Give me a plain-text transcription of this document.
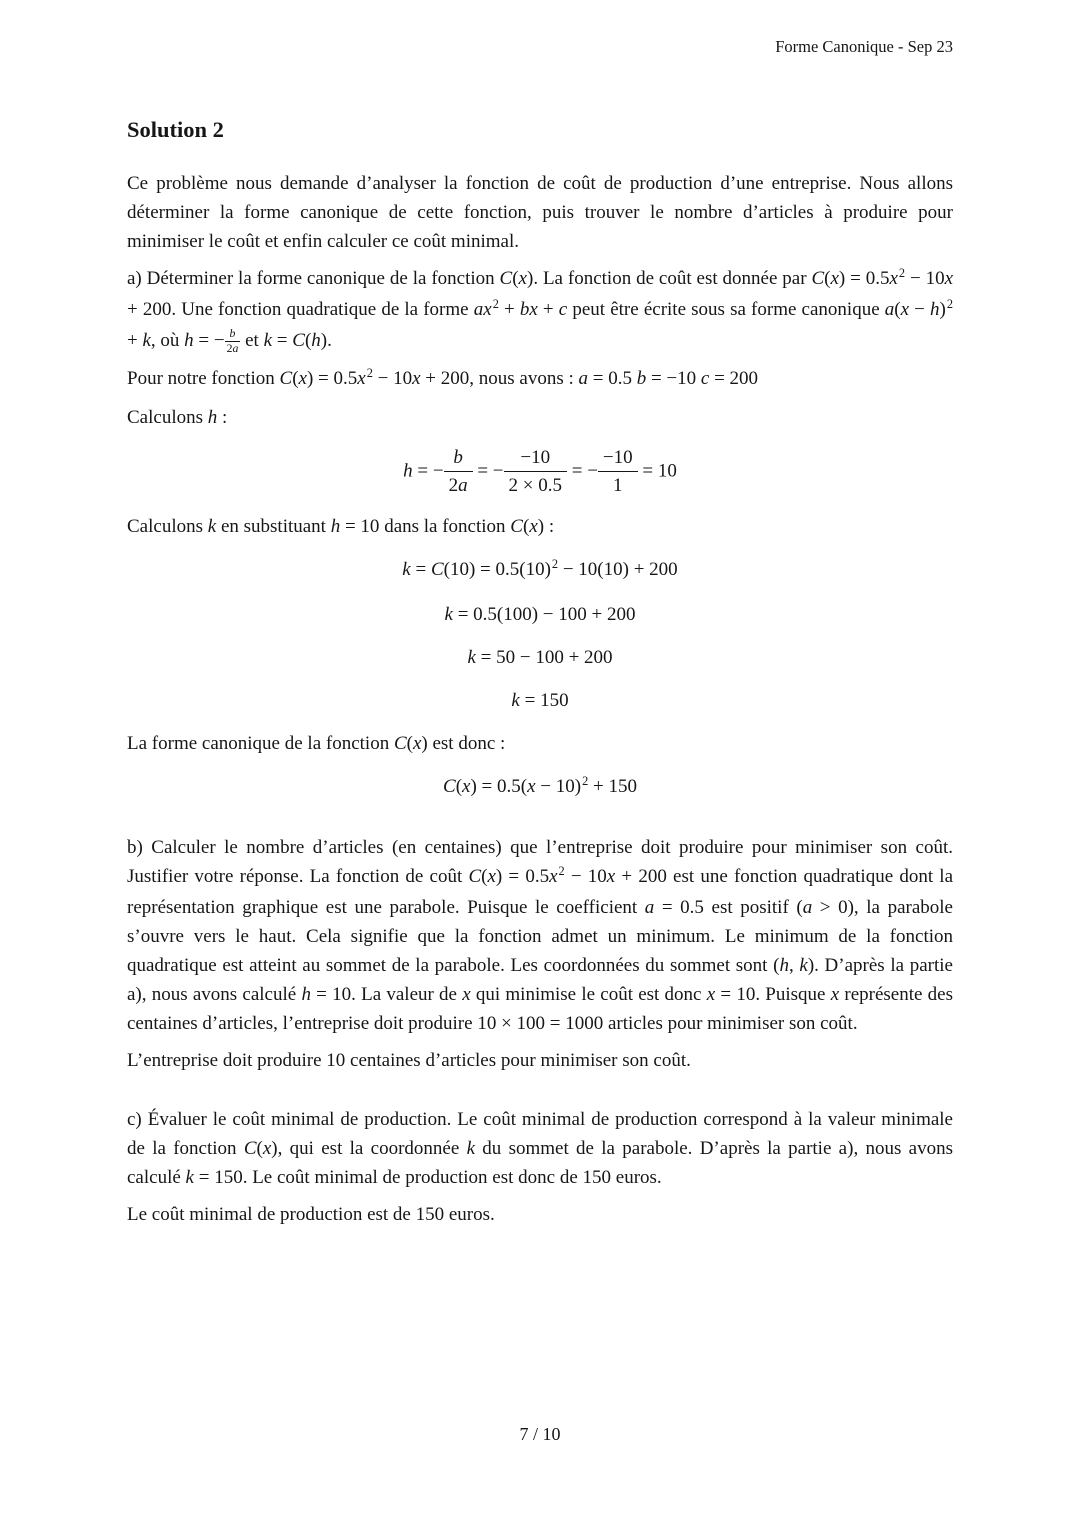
Forme Canonique - Sep 23
Solution 2
Ce problème nous demande d’analyser la fonction de coût de production d’une entreprise. Nous allons déterminer la forme canonique de cette fonction, puis trouver le nombre d’articles à produire pour minimiser le coût et enfin calculer ce coût minimal.
a) Déterminer la forme canonique de la fonction C(x). La fonction de coût est donnée par $C(x) = 0.5x^2 - 10x + 200$. Une fonction quadratique de la forme $ax^2$ + bx + c peut être écrite sous sa forme canonique $a(x - h)^2 + k$, où h = − $\frac{b}{2a}$ et k = C(h).
Pour notre fonction $C(x) = 0.5x^2 - 10x + 200$, nous avons : a = 0.5 b = −10 c = 200
Calculons h :
h = − $\frac{b}{2a}$ = − $\frac{-10}{2 \times 0.5}$ = − $\frac{-10}{1} = 10$
Calculons k en substituant h = 10 dans la fonction C(x) :
$k = C(10) = 0.5(10)^2 - 10(10) + 200$
k = 0.5(100) − 100 + 200
k = 50 − 100 + 200
k = 150
La forme canonique de la fonction C(x) est donc :
$C(x) = 0.5(x - 10)^2 + 150$
b) Calculer le nombre d’articles (en centaines) que l’entreprise doit produire pour minimiser son coût. Justifier votre réponse. La fonction de coût $C(x) = 0.5x^2 - 10x + 200$ est une fonction quadratique dont la représentation graphique est une parabole. Puisque le coefficient a = 0.5 est positif (a > 0), la parabole s’ouvre vers le haut. Cela signifie que la fonction admet un minimum. Le minimum de la fonction quadratique est atteint au sommet de la parabole. Les coordonnées du sommet sont (h, k). D’après la partie a), nous avons calculé h = 10. La valeur de x qui minimise le coût est donc x = 10. Puisque x représente des centaines d’articles, l’entreprise doit produire 10 × 100 = 1000 articles pour minimiser son coût.
L’entreprise doit produire 10 centaines d’articles pour minimiser son coût.
c) Évaluer le coût minimal de production. Le coût minimal de production correspond à la valeur minimale de la fonction C(x), qui est la coordonnée k du sommet de la parabole. D’après la partie a), nous avons calculé k = 150. Le coût minimal de production est donc de 150 euros.
Le coût minimal de production est de 150 euros.
7 / 10
